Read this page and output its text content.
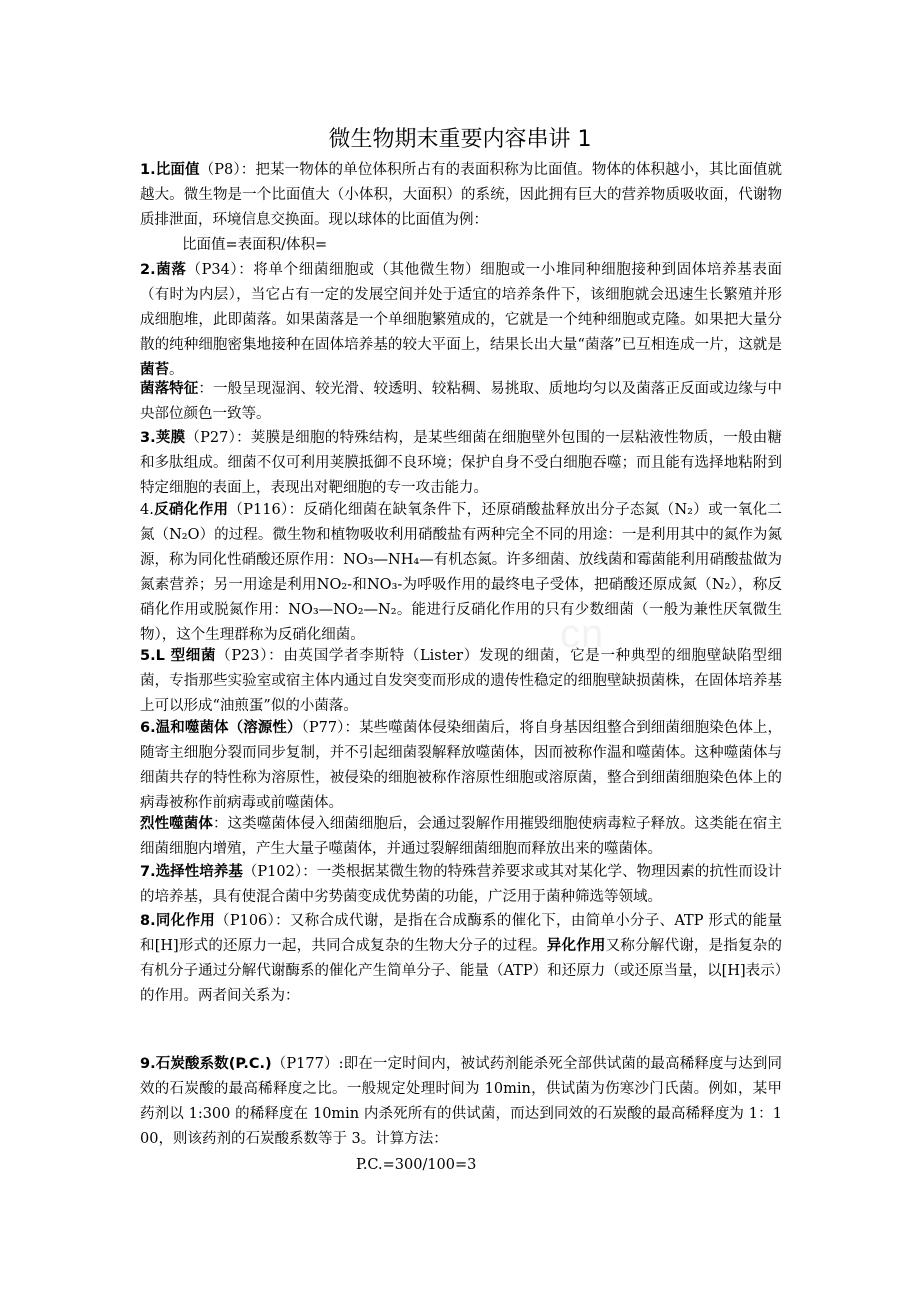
cn
微生物期末重要内容串讲 1
1.比面值（P8）：把某一物体的单位体积所占有的表面积称为比面值。物体的体积越小，其比面值就越大。微生物是一个比面值大（小体积，大面积）的系统，因此拥有巨大的营养物质吸收面，代谢物质排泄面，环境信息交换面。现以球体的比面值为例：
比面值=表面积/体积=
2.菌落（P34）：将单个细菌细胞或（其他微生物）细胞或一小堆同种细胞接种到固体培养基表面（有时为内层），当它占有一定的发展空间并处于适宜的培养条件下，该细胞就会迅速生长繁殖并形成细胞堆，此即菌落。如果菌落是一个单细胞繁殖成的，它就是一个纯种细胞或克隆。如果把大量分散的纯种细胞密集地接种在固体培养基的较大平面上，结果长出大量“菌落”已互相连成一片，这就是菌苔。
菌落特征：一般呈现湿润、较光滑、较透明、较粘稠、易挑取、质地均匀以及菌落正反面或边缘与中央部位颜色一致等。
3.荚膜（P27）：荚膜是细胞的特殊结构，是某些细菌在细胞壁外包围的一层粘液性物质，一般由糖和多肽组成。细菌不仅可利用荚膜抵御不良环境；保护自身不受白细胞吞噬；而且能有选择地粘附到特定细胞的表面上，表现出对靶细胞的专一攻击能力。
4.反硝化作用（P116）：反硝化细菌在缺氧条件下，还原硝酸盐释放出分子态氮（N₂）或一氧化二氮（N₂O）的过程。微生物和植物吸收利用硝酸盐有两种完全不同的用途：一是利用其中的氮作为氮源，称为同化性硝酸还原作用：NO₃—NH₄—有机态氮。许多细菌、放线菌和霉菌能利用硝酸盐做为氮素营养；另一用途是利用NO₂-和NO₃-为呼吸作用的最终电子受体，把硝酸还原成氮（N₂），称反硝化作用或脱氮作用：NO₃—NO₂—N₂。能进行反硝化作用的只有少数细菌（一般为兼性厌氧微生物），这个生理群称为反硝化细菌。
5.L 型细菌（P23）：由英国学者李斯特（Lister）发现的细菌，它是一种典型的细胞壁缺陷型细菌，专指那些实验室或宿主体内通过自发突变而形成的遗传性稳定的细胞壁缺损菌株，在固体培养基上可以形成“油煎蛋”似的小菌落。
6.温和噬菌体（溶源性）（P77）：某些噬菌体侵染细菌后，将自身基因组整合到细菌细胞染色体上，随寄主细胞分裂而同步复制，并不引起细菌裂解释放噬菌体，因而被称作温和噬菌体。这种噬菌体与细菌共存的特性称为溶原性，被侵染的细胞被称作溶原性细胞或溶原菌，整合到细菌细胞染色体上的病毒被称作前病毒或前噬菌体。
烈性噬菌体：这类噬菌体侵入细菌细胞后，会通过裂解作用摧毁细胞使病毒粒子释放。这类能在宿主细菌细胞内增殖，产生大量子噬菌体，并通过裂解细菌细胞而释放出来的噬菌体。
7.选择性培养基（P102）：一类根据某微生物的特殊营养要求或其对某化学、物理因素的抗性而设计的培养基，具有使混合菌中劣势菌变成优势菌的功能，广泛用于菌种筛选等领域。
8.同化作用（P106）：又称合成代谢，是指在合成酶系的催化下，由简单小分子、ATP 形式的能量和[H]形式的还原力一起，共同合成复杂的生物大分子的过程。异化作用又称分解代谢，是指复杂的有机分子通过分解代谢酶系的催化产生简单分子、能量（ATP）和还原力（或还原当量，以[H]表示）的作用。两者间关系为：
9.石炭酸系数(P.C.)（P177）:即在一定时间内，被试药剂能杀死全部供试菌的最高稀释度与达到同效的石炭酸的最高稀释度之比。一般规定处理时间为 10min，供试菌为伤寒沙门氏菌。例如，某甲药剂以 1:300 的稀释度在 10min 内杀死所有的供试菌，而达到同效的石炭酸的最高稀释度为 1：100，则该药剂的石炭酸系数等于 3。计算方法：
P.C.=300/100=3
